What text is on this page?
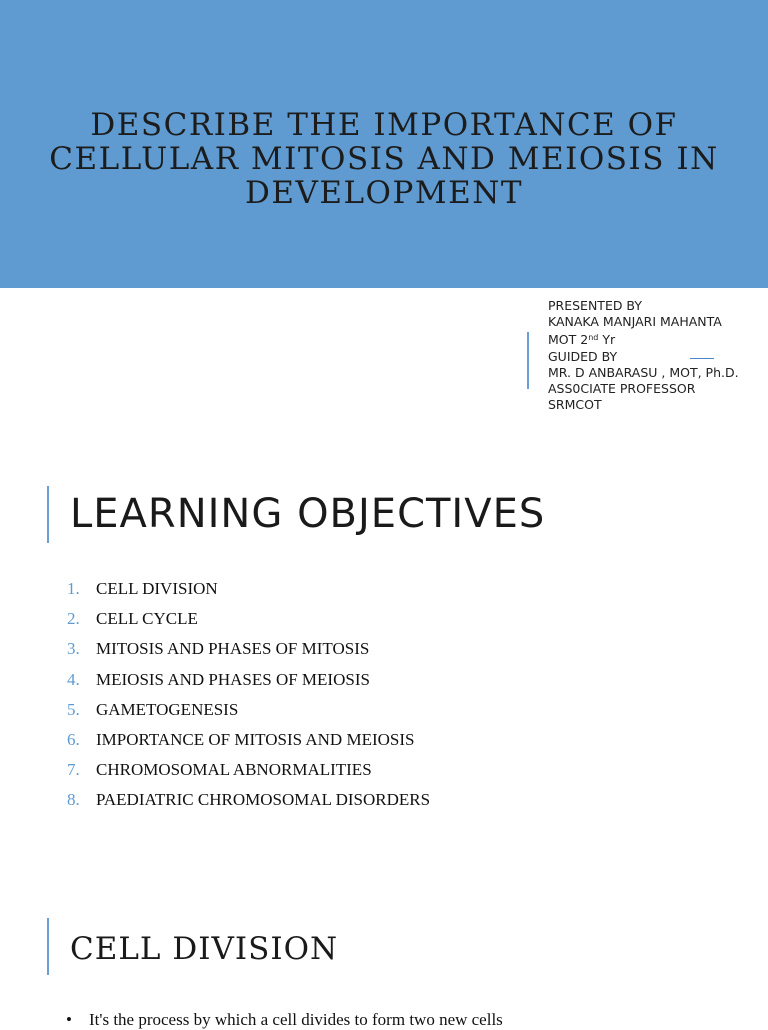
DESCRIBE THE IMPORTANCE OF
CELLULAR MITOSIS AND MEIOSIS IN
DEVELOPMENT
PRESENTED BY
KANAKA MANJARI MAHANTA
MOT 2nd Yr
GUIDED BY
MR. D ANBARASU , MOT, Ph.D.
ASS0CIATE PROFESSOR
SRMCOT
LEARNING OBJECTIVES
1. CELL DIVISION
2. CELL CYCLE
3. MITOSIS AND PHASES OF MITOSIS
4. MEIOSIS AND PHASES OF MEIOSIS
5. GAMETOGENESIS
6. IMPORTANCE OF MITOSIS AND MEIOSIS
7. CHROMOSOMAL ABNORMALITIES
8. PAEDIATRIC CHROMOSOMAL DISORDERS
CELL DIVISION
• It's the process by which a cell divides to form two new cells
